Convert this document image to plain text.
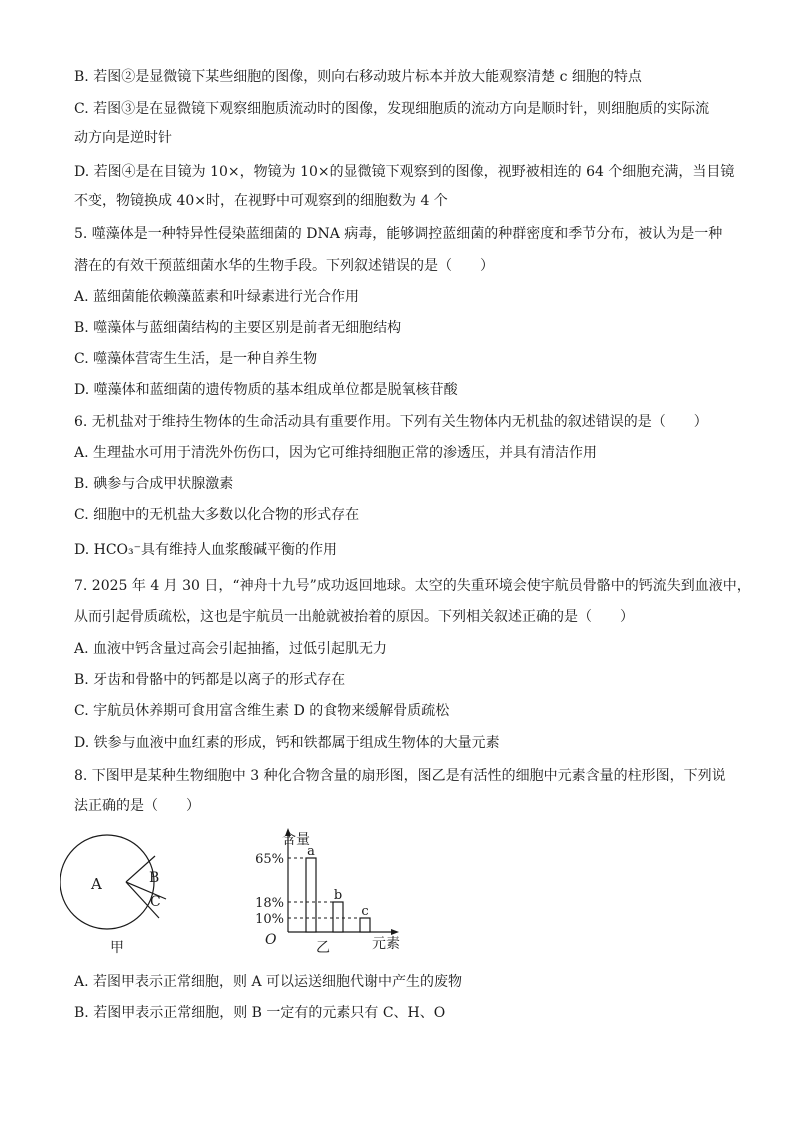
A	B
C
甲
含量
元素
O	乙
a
65%
b
18%
c
10%
B. 若图②是显微镜下某些细胞的图像，则向右移动玻片标本并放大能观察清楚 c 细胞的特点
C. 若图③是在显微镜下观察细胞质流动时的图像，发现细胞质的流动方向是顺时针，则细胞质的实际流
动方向是逆时针
D. 若图④是在目镜为 10×，物镜为 10×的显微镜下观察到的图像，视野被相连的 64 个细胞充满，当目镜
不变，物镜换成 40×时，在视野中可观察到的细胞数为 4 个
5. 噬藻体是一种特异性侵染蓝细菌的 DNA 病毒，能够调控蓝细菌的种群密度和季节分布，被认为是一种
潜在的有效干预蓝细菌水华的生物手段。下列叙述错误的是（　　）
A. 蓝细菌能依赖藻蓝素和叶绿素进行光合作用
B. 噬藻体与蓝细菌结构的主要区别是前者无细胞结构
C. 噬藻体营寄生生活，是一种自养生物
D. 噬藻体和蓝细菌的遗传物质的基本组成单位都是脱氧核苷酸
6. 无机盐对于维持生物体的生命活动具有重要作用。下列有关生物体内无机盐的叙述错误的是（　　）
A. 生理盐水可用于清洗外伤伤口，因为它可维持细胞正常的渗透压，并具有清洁作用
B. 碘参与合成甲状腺激素
C. 细胞中的无机盐大多数以化合物的形式存在
D. HCO₃⁻具有维持人血浆酸碱平衡的作用
7. 2025 年 4 月 30 日，“神舟十九号”成功返回地球。太空的失重环境会使宇航员骨骼中的钙流失到血液中，
从而引起骨质疏松，这也是宇航员一出舱就被抬着的原因。下列相关叙述正确的是（　　）
A. 血液中钙含量过高会引起抽搐，过低引起肌无力
B. 牙齿和骨骼中的钙都是以离子的形式存在
C. 宇航员休养期可食用富含维生素 D 的食物来缓解骨质疏松
D. 铁参与血液中血红素的形成，钙和铁都属于组成生物体的大量元素
8. 下图甲是某种生物细胞中 3 种化合物含量的扇形图，图乙是有活性的细胞中元素含量的柱形图，下列说
法正确的是（　　）
A. 若图甲表示正常细胞，则 A 可以运送细胞代谢中产生的废物
B. 若图甲表示正常细胞，则 B 一定有的元素只有 C、H、O
